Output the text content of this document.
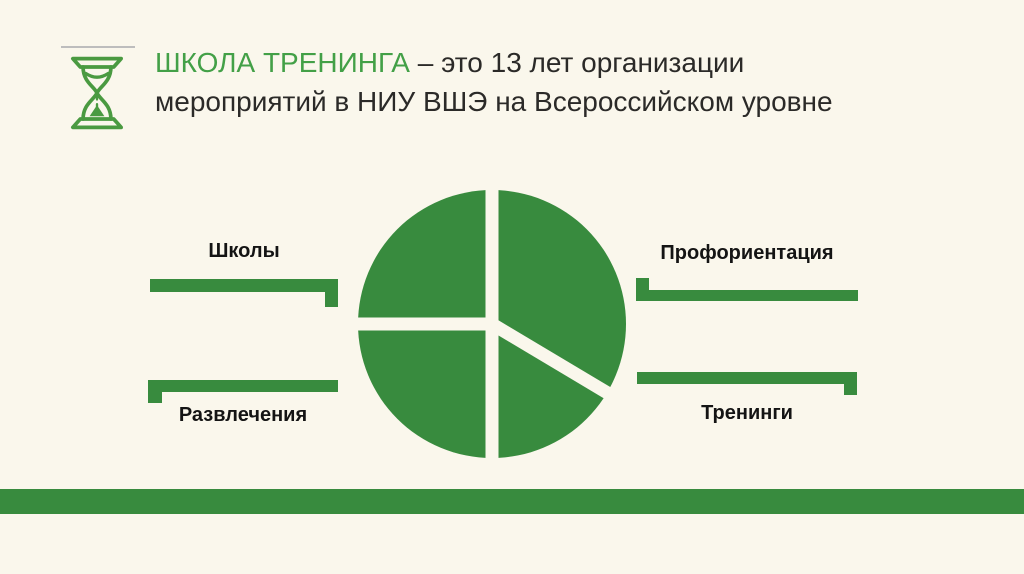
ШКОЛА ТРЕНИНГА – это 13 лет организации
мероприятий в НИУ ВШЭ на Всероссийском уровне
Школы	Профориентация
Развлечения	Тренинги
